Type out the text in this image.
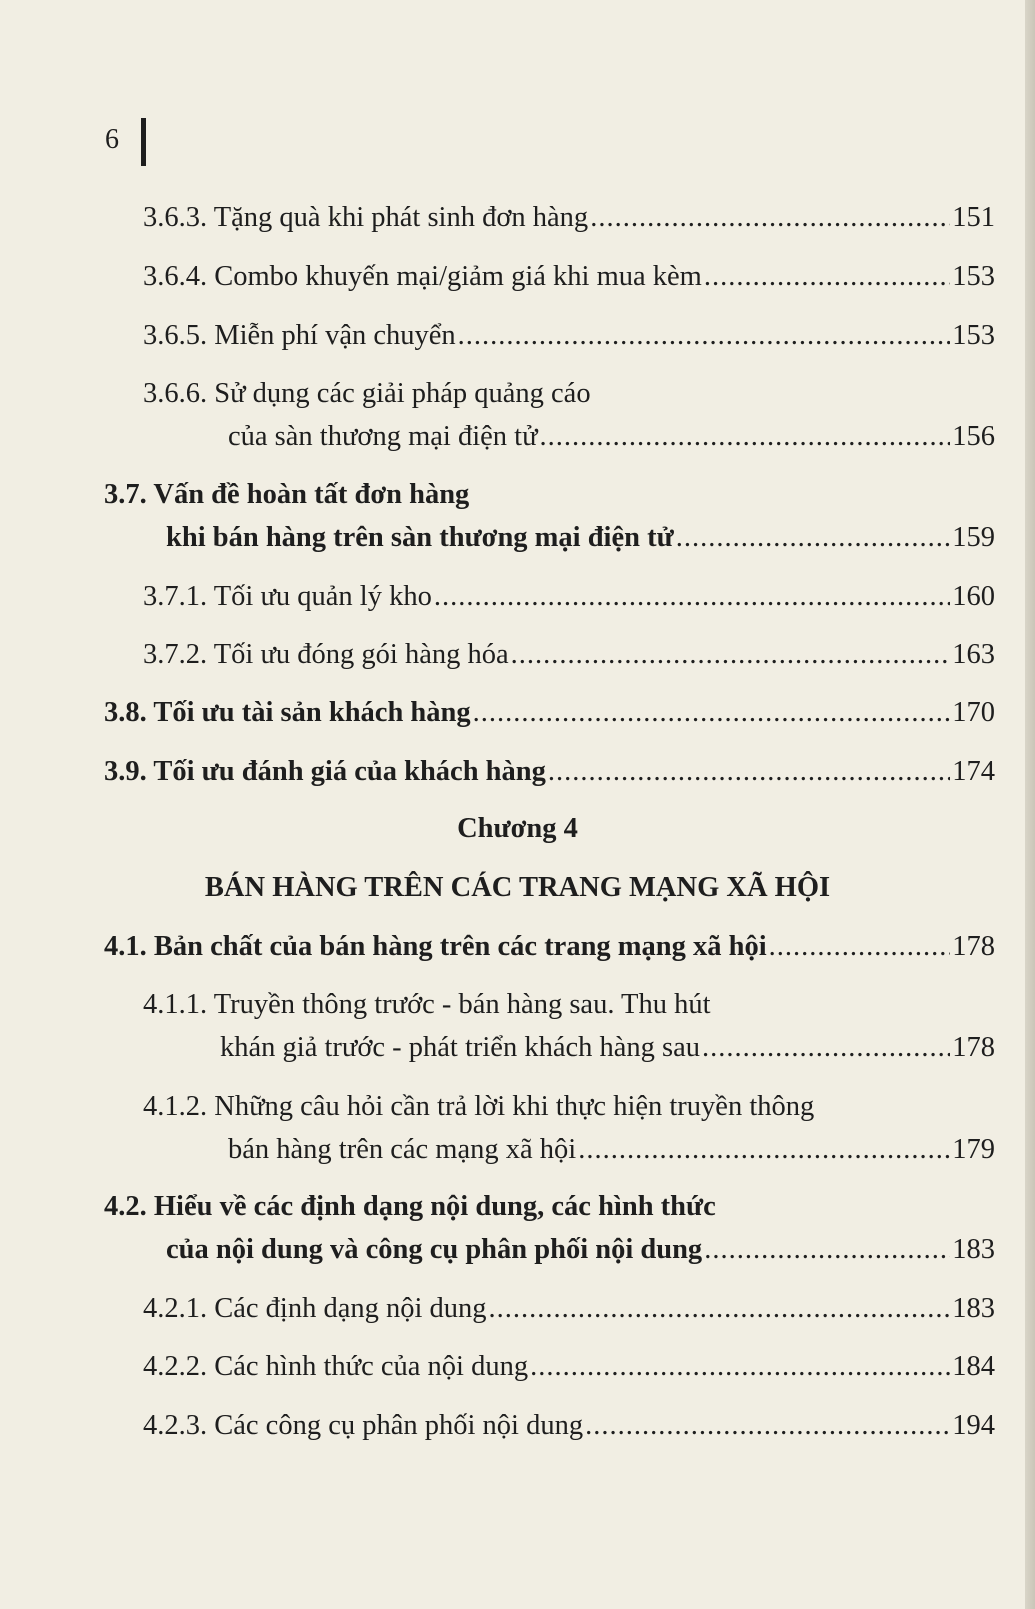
6
3.6.3. Tặng quà khi phát sinh đơn hàng .....	151
3.6.4. Combo khuyến mại/giảm giá khi mua kèm .....	153
3.6.5. Miễn phí vận chuyển .....	153
3.6.6. Sử dụng các giải pháp quảng cáo
của sàn thương mại điện tử .....	156
3.7. Vấn đề hoàn tất đơn hàng
khi bán hàng trên sàn thương mại điện tử .....	159
3.7.1. Tối ưu quản lý kho .....	160
3.7.2. Tối ưu đóng gói hàng hóa .....	163
3.8. Tối ưu tài sản khách hàng .....	170
3.9. Tối ưu đánh giá của khách hàng .....	174
Chương 4
BÁN HÀNG TRÊN CÁC TRANG MẠNG XÃ HỘI
4.1. Bản chất của bán hàng trên các trang mạng xã hội .....	178
4.1.1. Truyền thông trước - bán hàng sau. Thu hút
khán giả trước - phát triển khách hàng sau .....	178
4.1.2. Những câu hỏi cần trả lời khi thực hiện truyền thông
bán hàng trên các mạng xã hội .....	179
4.2. Hiểu về các định dạng nội dung, các hình thức
của nội dung và công cụ phân phối nội dung .....	183
4.2.1. Các định dạng nội dung .....	183
4.2.2. Các hình thức của nội dung .....	184
4.2.3. Các công cụ phân phối nội dung .....	194
